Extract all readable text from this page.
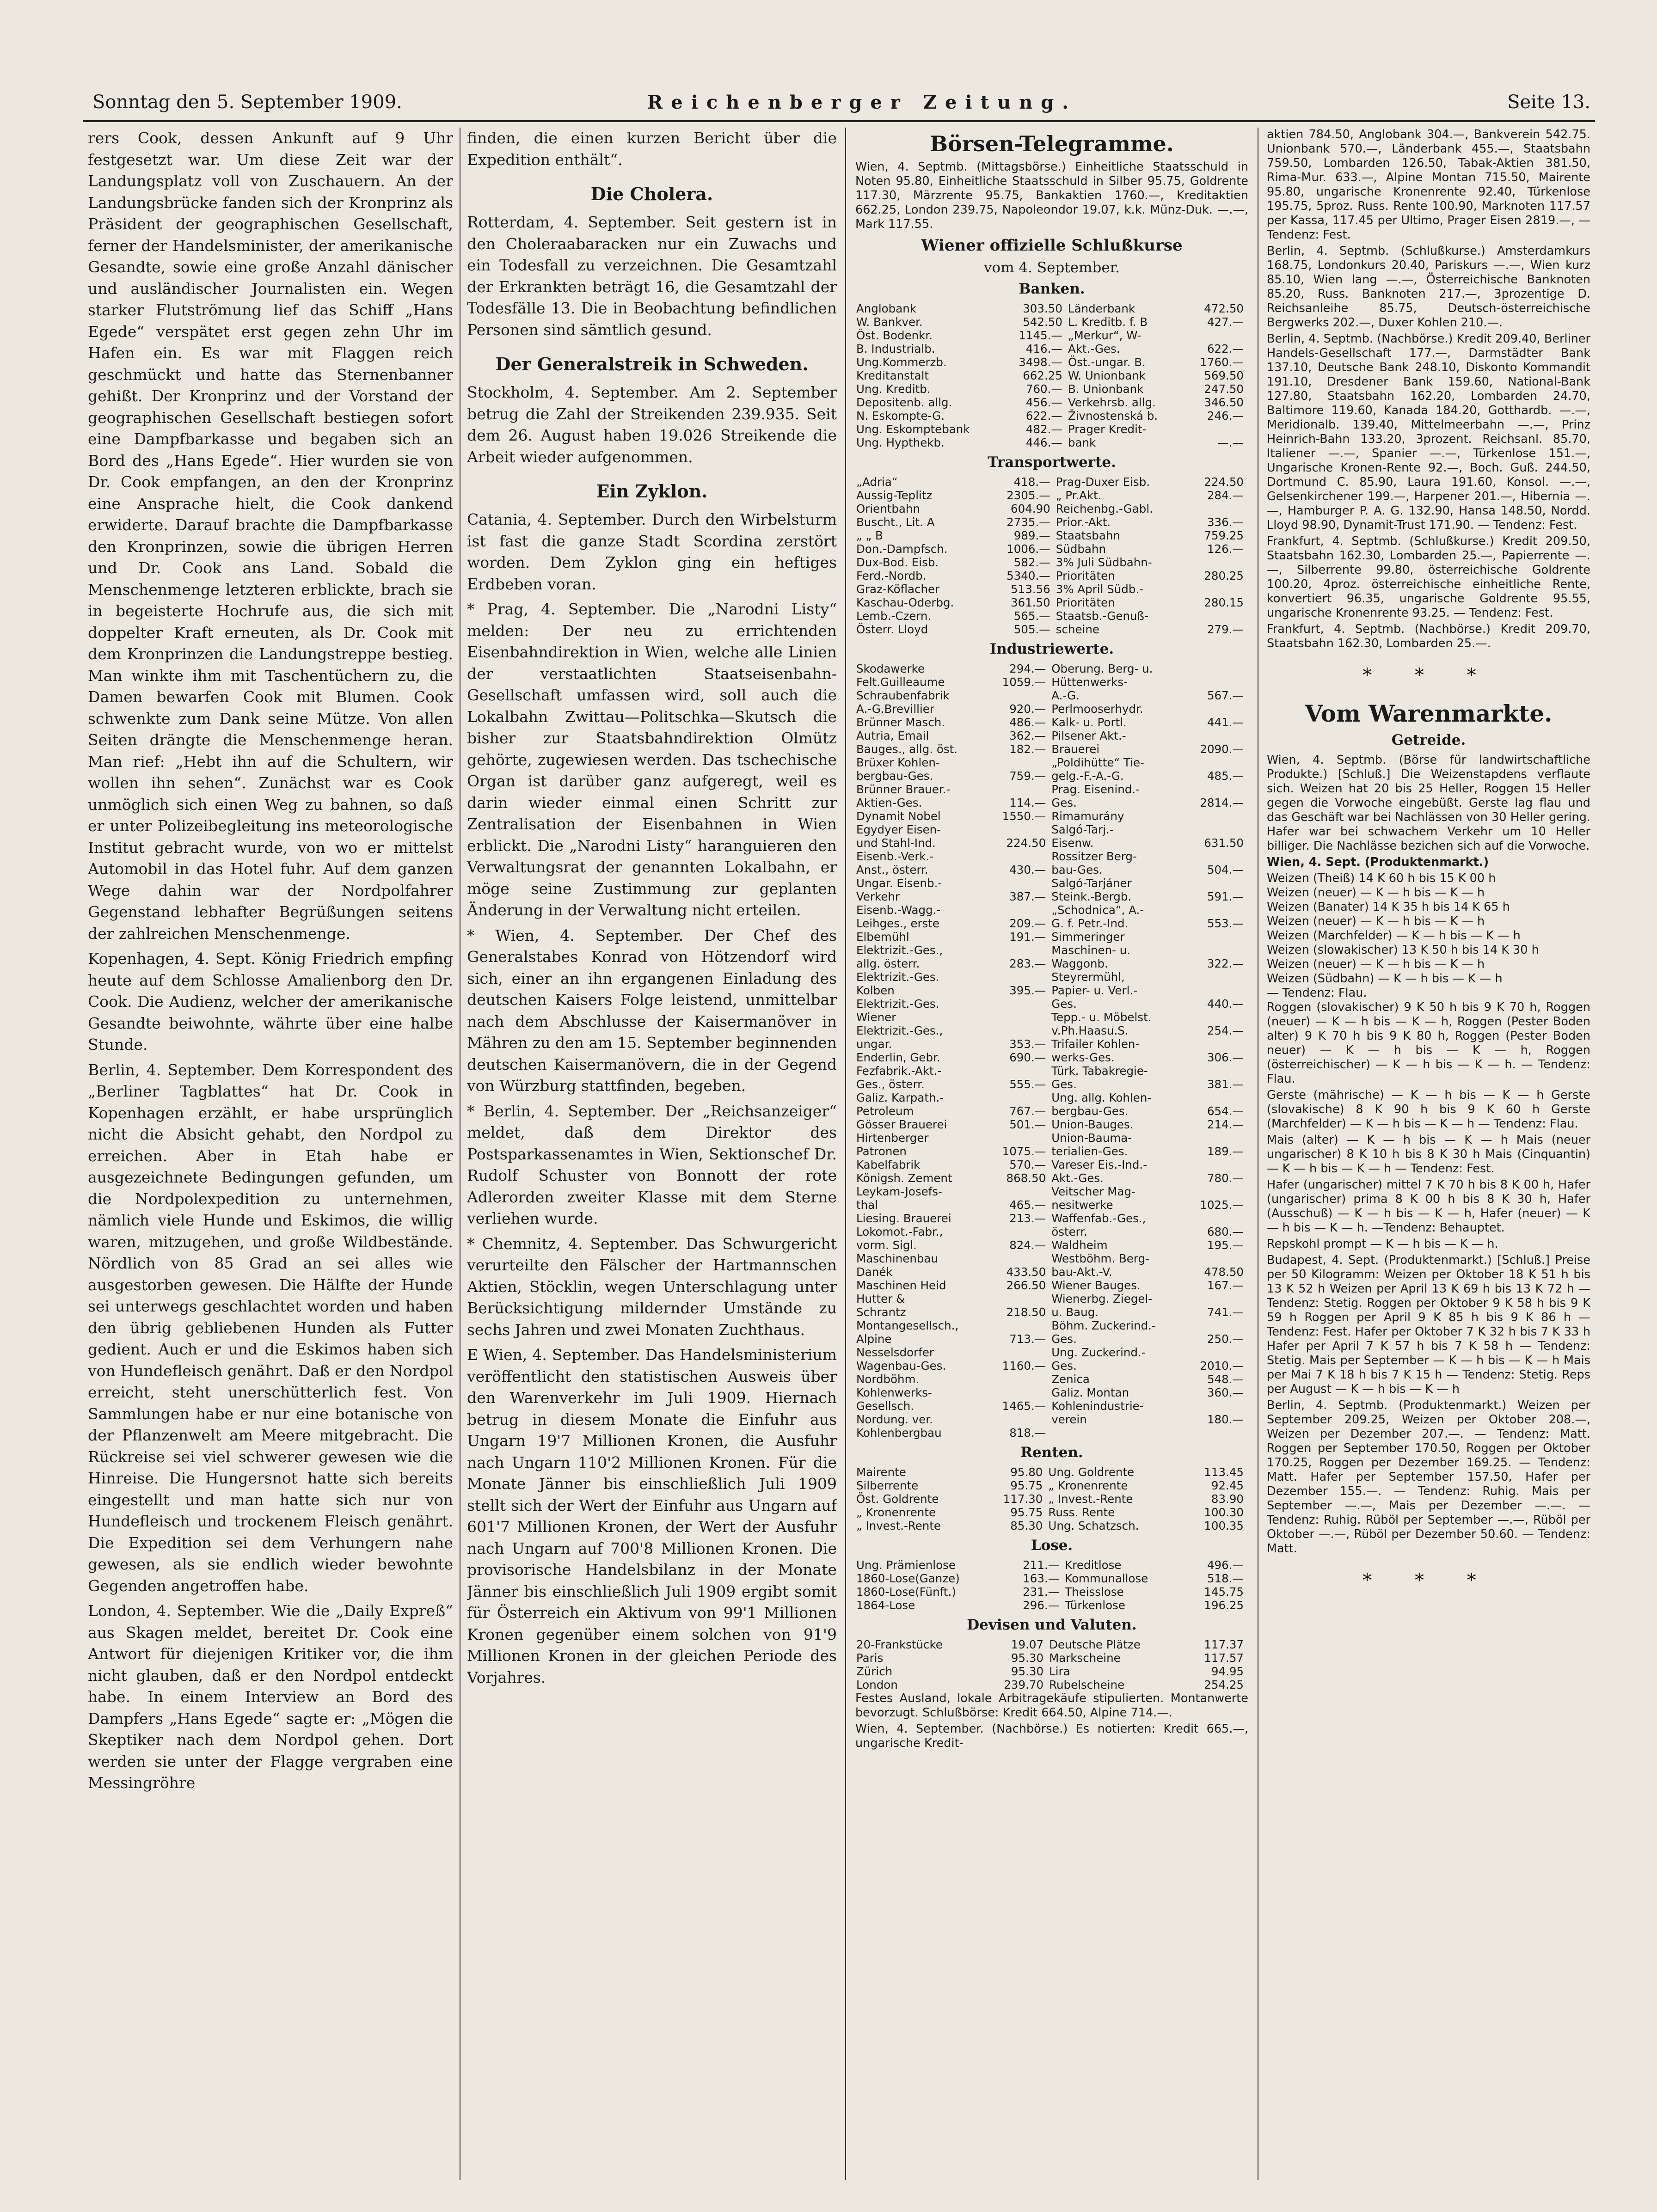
Sonntag den 5. September 1909.	Reichenberger Zeitung.	Seite 13.

rers Cook, dessen Ankunft auf 9 Uhr festgesetzt war. Um diese Zeit war der Landungsplatz voll von Zuschauern. An der Landungsbrücke fanden sich der Kronprinz als Präsident der geographischen Gesellschaft, ferner der Handelsminister, der amerikanische Gesandte, sowie eine große Anzahl dänischer und ausländischer Journalisten ein. Wegen starker Flutströmung lief das Schiff „Hans Egede“ verspätet erst gegen zehn Uhr im Hafen ein. Es war mit Flaggen reich geschmückt und hatte das Sternenbanner gehißt. Der Kronprinz und der Vorstand der geographischen Gesellschaft bestiegen sofort eine Dampfbarkasse und begaben sich an Bord des „Hans Egede“. Hier wurden sie von Dr. Cook empfangen, an den der Kronprinz eine Ansprache hielt, die Cook dankend erwiderte. Darauf brachte die Dampfbarkasse den Kronprinzen, sowie die übrigen Herren und Dr. Cook ans Land. Sobald die Menschenmenge letzteren erblickte, brach sie in begeisterte Hochrufe aus, die sich mit doppelter Kraft erneuten, als Dr. Cook mit dem Kronprinzen die Landungstreppe bestieg. Man winkte ihm mit Taschentüchern zu, die Damen bewarfen Cook mit Blumen. Cook schwenkte zum Dank seine Mütze. Von allen Seiten drängte die Menschenmenge heran. Man rief: „Hebt ihn auf die Schultern, wir wollen ihn sehen“. Zunächst war es Cook unmöglich sich einen Weg zu bahnen, so daß er unter Polizeibegleitung ins meteorologische Institut gebracht wurde, von wo er mittelst Automobil in das Hotel fuhr. Auf dem ganzen Wege dahin war der Nordpolfahrer Gegenstand lebhafter Begrüßungen seitens der zahlreichen Menschenmenge.

Kopenhagen, 4. Sept. König Friedrich empfing heute auf dem Schlosse Amalienborg den Dr. Cook. Die Audienz, welcher der amerikanische Gesandte beiwohnte, währte über eine halbe Stunde.

Berlin, 4. September. Dem Korrespondent des „Berliner Tagblattes“ hat Dr. Cook in Kopenhagen erzählt, er habe ursprünglich nicht die Absicht gehabt, den Nordpol zu erreichen. Aber in Etah habe er ausgezeichnete Bedingungen gefunden, um die Nordpolexpedition zu unternehmen, nämlich viele Hunde und Eskimos, die willig waren, mitzugehen, und große Wildbestände. Nördlich von 85 Grad an sei alles wie ausgestorben gewesen. Die Hälfte der Hunde sei unterwegs geschlachtet worden und haben den übrig gebliebenen Hunden als Futter gedient. Auch er und die Eskimos haben sich von Hundefleisch genährt. Daß er den Nordpol erreicht, steht unerschütterlich fest. Von Sammlungen habe er nur eine botanische von der Pflanzenwelt am Meere mitgebracht. Die Rückreise sei viel schwerer gewesen wie die Hinreise. Die Hungersnot hatte sich bereits eingestellt und man hatte sich nur von Hundefleisch und trockenem Fleisch genährt. Die Expedition sei dem Verhungern nahe gewesen, als sie endlich wieder bewohnte Gegenden angetroffen habe.

London, 4. September. Wie die „Daily Expreß“ aus Skagen meldet, bereitet Dr. Cook eine Antwort für diejenigen Kritiker vor, die ihm nicht glauben, daß er den Nordpol entdeckt habe. In einem Interview an Bord des Dampfers „Hans Egede“ sagte er: „Mögen die Skeptiker nach dem Nordpol gehen. Dort werden sie unter der Flagge vergraben eine Messingröhre

finden, die einen kurzen Bericht über die Expedition enthält“.

Die Cholera.

Rotterdam, 4. September. Seit gestern ist in den Choleraabaracken nur ein Zuwachs und ein Todesfall zu verzeichnen. Die Gesamtzahl der Erkrankten beträgt 16, die Gesamtzahl der Todesfälle 13. Die in Beobachtung befindlichen Personen sind sämtlich gesund.

Der Generalstreik in Schweden.

Stockholm, 4. September. Am 2. September betrug die Zahl der Streikenden 239.935. Seit dem 26. August haben 19.026 Streikende die Arbeit wieder aufgenommen.

Ein Zyklon.

Catania, 4. September. Durch den Wirbelsturm ist fast die ganze Stadt Scordina zerstört worden. Dem Zyklon ging ein heftiges Erdbeben voran.

* Prag, 4. September. Die „Narodni Listy“ melden: Der neu zu errichtenden Eisenbahndirektion in Wien, welche alle Linien der verstaatlichten Staatseisenbahn-Gesellschaft umfassen wird, soll auch die Lokalbahn Zwittau—Politschka—Skutsch die bisher zur Staatsbahndirektion Olmütz gehörte, zugewiesen werden. Das tschechische Organ ist darüber ganz aufgeregt, weil es darin wieder einmal einen Schritt zur Zentralisation der Eisenbahnen in Wien erblickt. Die „Narodni Listy“ haranguieren den Verwaltungsrat der genannten Lokalbahn, er möge seine Zustimmung zur geplanten Änderung in der Verwaltung nicht erteilen.

* Wien, 4. September. Der Chef des Generalstabes Konrad von Hötzendorf wird sich, einer an ihn ergangenen Einladung des deutschen Kaisers Folge leistend, unmittelbar nach dem Abschlusse der Kaisermanöver in Mähren zu den am 15. September beginnenden deutschen Kaisermanövern, die in der Gegend von Würzburg stattfinden, begeben.

* Berlin, 4. September. Der „Reichsanzeiger“ meldet, daß dem Direktor des Postsparkassenamtes in Wien, Sektionschef Dr. Rudolf Schuster von Bonnott der rote Adlerorden zweiter Klasse mit dem Sterne verliehen wurde.

* Chemnitz, 4. September. Das Schwurgericht verurteilte den Fälscher der Hartmannschen Aktien, Stöcklin, wegen Unterschlagung unter Berücksichtigung mildernder Umstände zu sechs Jahren und zwei Monaten Zuchthaus.

E Wien, 4. September. Das Handelsministerium veröffentlicht den statistischen Ausweis über den Warenverkehr im Juli 1909. Hiernach betrug in diesem Monate die Einfuhr aus Ungarn 19'7 Millionen Kronen, die Ausfuhr nach Ungarn 110'2 Millionen Kronen. Für die Monate Jänner bis einschließlich Juli 1909 stellt sich der Wert der Einfuhr aus Ungarn auf 601'7 Millionen Kronen, der Wert der Ausfuhr nach Ungarn auf 700'8 Millionen Kronen. Die provisorische Handelsbilanz in der Monate Jänner bis einschließlich Juli 1909 ergibt somit für Österreich ein Aktivum von 99'1 Millionen Kronen gegenüber einem solchen von 91'9 Millionen Kronen in der gleichen Periode des Vorjahres.

Börsen-Telegramme.

Wien, 4. Septmb. (Mittagsbörse.) Einheitliche Staatsschuld in Noten 95.80, Einheitliche Staatsschuld in Silber 95.75, Goldrente 117.30, Märzrente 95.75, Bankaktien 1760.—, Kreditaktien 662.25, London 239.75, Napoleondor 19.07, k.k. Münz-Duk. —.—, Mark 117.55.

Wiener offizielle Schlußkurse
vom 4. September.
Banken.
Anglobank	303.50	Länderbank	472.50
W. Bankver.	542.50	L. Kreditb. f. B	427.—
Öst. Bodenkr.	1145.—	„Merkur“, W-	
B. Industrialb.	416.—	Akt.-Ges.	622.—
Ung.Kommerzb.	3498.—	Öst.-ungar. B.	1760.—
Kreditanstalt	662.25	W. Unionbank	569.50
Ung. Kreditb.	760.—	B. Unionbank	247.50
Depositenb. allg.	456.—	Verkehrsb. allg.	346.50
N. Eskompte-G.	622.—	Živnostenská b.	246.—
Ung. Eskomptebank	482.—	Prager Kredit-	
Ung. Hypthekb.	446.—	bank	—.—
Transportwerte.
„Adria“	418.—	Prag-Duxer Eisb.	224.50
Aussig-Teplitz	2305.—	„ Pr.Akt.	284.—
Orientbahn	604.90	Reichenbg.-Gabl.	
Buscht., Lit. A	2735.—	Prior.-Akt.	336.—
„ „ B	989.—	Staatsbahn	759.25
Don.-Dampfsch.	1006.—	Südbahn	126.—
Dux-Bod. Eisb.	582.—	3% Juli Südbahn-	
Ferd.-Nordb.	5340.—	Prioritäten	280.25
Graz-Köflacher	513.56	3% April Südb.-	
Kaschau-Oderbg.	361.50	Prioritäten	280.15
Lemb.-Czern.	565.—	Staatsb.-Genuß-	
Österr. Lloyd	505.—	scheine	279.—
Industriewerte.
Skodawerke	294.—	Oberung. Berg- u.	
Felt.Guilleaume	1059.—	Hüttenwerks-	
Schraubenfabrik		A.-G.	567.—
A.-G.Brevillier	920.—	Perlmooserhydr.	
Brünner Masch.	486.—	Kalk- u. Portl.	441.—
Autria, Email	362.—	Pilsener Akt.-	
Bauges., allg. öst.	182.—	Brauerei	2090.—
Brüxer Kohlen-		„Poldihütte“ Tie-	
bergbau-Ges.	759.—	gelg.-F.-A.-G.	485.—
Brünner Brauer.-		Prag. Eisenind.-	
Aktien-Ges.	114.—	Ges.	2814.—
Dynamit Nobel	1550.—	Rimamurány	
Egydyer Eisen-		Salgó-Tarj.-	
und Stahl-Ind.	224.50	Eisenw.	631.50
Eisenb.-Verk.-		Rossitzer Berg-	
Anst., österr.	430.—	bau-Ges.	504.—
Ungar. Eisenb.-		Salgó-Tarjáner	
Verkehr	387.—	Steink.-Bergb.	591.—
Eisenb.-Wagg.-		„Schodnica“, A.-	
Leihges., erste	209.—	G. f. Petr.-Ind.	553.—
Elbemühl	191.—	Simmeringer	
Elektrizit.-Ges.,		Maschinen- u.	
allg. österr.	283.—	Waggonb.	322.—
Elektrizit.-Ges.		Steyrermühl,	
Kolben	395.—	Papier- u. Verl.-	
Elektrizit.-Ges.		Ges.	440.—
Wiener		Tepp.- u. Möbelst.	
Elektrizit.-Ges.,		v.Ph.Haasu.S.	254.—
ungar.	353.—	Trifailer Kohlen-	
Enderlin, Gebr.	690.—	werks-Ges.	306.—
Fezfabrik.-Akt.-		Türk. Tabakregie-	
Ges., österr.	555.—	Ges.	381.—
Galiz. Karpath.-		Ung. allg. Kohlen-	
Petroleum	767.—	bergbau-Ges.	654.—
Gösser Brauerei	501.—	Union-Bauges.	214.—
Hirtenberger		Union-Bauma-	
Patronen	1075.—	terialien-Ges.	189.—
Kabelfabrik	570.—	Vareser Eis.-Ind.-	
Königsh. Zement	868.50	Akt.-Ges.	780.—
Leykam-Josefs-		Veitscher Mag-	
thal	465.—	nesitwerke	1025.—
Liesing. Brauerei	213.—	Waffenfab.-Ges.,	
Lokomot.-Fabr.,		österr.	680.—
vorm. Sigl.	824.—	Waldheim	195.—
Maschinenbau		Westböhm. Berg-	
Danék	433.50	bau-Akt.-V.	478.50
Maschinen Heid	266.50	Wiener Bauges.	167.—
Hutter &		Wienerbg. Ziegel-	
Schrantz	218.50	u. Baug.	741.—
Montangesellsch.,		Böhm. Zuckerind.-	
Alpine	713.—	Ges.	250.—
Nesselsdorfer		Ung. Zuckerind.-	
Wagenbau-Ges.	1160.—	Ges.	2010.—
Nordböhm.		Zenica	548.—
Kohlenwerks-		Galiz. Montan	360.—
Gesellsch.	1465.—	Kohlenindustrie-	
Nordung. ver.		verein	180.—
Kohlenbergbau	818.—		
Renten.
Mairente	95.80	Ung. Goldrente	113.45
Silberrente	95.75	„ Kronenrente	92.45
Öst. Goldrente	117.30	„ Invest.-Rente	83.90
„ Kronenrente	95.75	Russ. Rente	100.30
„ Invest.-Rente	85.30	Ung. Schatzsch.	100.35
Lose.
Ung. Prämienlose	211.—	Kreditlose	496.—
1860-Lose(Ganze)	163.—	Kommunallose	518.—
1860-Lose(Fünft.)	231.—	Theisslose	145.75
1864-Lose	296.—	Türkenlose	196.25
Devisen und Valuten.
20-Frankstücke	19.07	Deutsche Plätze	117.37
Paris	95.30	Markscheine	117.57
Zürich	95.30	Lira	94.95
London	239.70	Rubelscheine	254.25

Festes Ausland, lokale Arbitragekäufe stipulierten. Montanwerte bevorzugt. Schlußbörse: Kredit 664.50, Alpine 714.—.

Wien, 4. September. (Nachbörse.) Es notierten: Kredit 665.—, ungarische Kredit-

aktien 784.50, Anglobank 304.—, Bankverein 542.75. Unionbank 570.—, Länderbank 455.—, Staatsbahn 759.50, Lombarden 126.50, Tabak-Aktien 381.50, Rima-Mur. 633.—, Alpine Montan 715.50, Mairente 95.80, ungarische Kronenrente 92.40, Türkenlose 195.75, 5proz. Russ. Rente 100.90, Marknoten 117.57 per Kassa, 117.45 per Ultimo, Prager Eisen 2819.—, — Tendenz: Fest.

Berlin, 4. Septmb. (Schlußkurse.) Amsterdamkurs 168.75, Londonkurs 20.40, Pariskurs —.—, Wien kurz 85.10, Wien lang —.—, Österreichische Banknoten 85.20, Russ. Banknoten 217.—, 3prozentige D. Reichsanleihe 85.75, Deutsch-österreichische Bergwerks 202.—, Duxer Kohlen 210.—.

Berlin, 4. Septmb. (Nachbörse.) Kredit 209.40, Berliner Handels-Gesellschaft 177.—, Darmstädter Bank 137.10, Deutsche Bank 248.10, Diskonto Kommandit 191.10, Dresdener Bank 159.60, National-Bank 127.80, Staatsbahn 162.20, Lombarden 24.70, Baltimore 119.60, Kanada 184.20, Gotthardb. —.—, Meridionalb. 139.40, Mittelmeerbahn —.—, Prinz Heinrich-Bahn 133.20, 3prozent. Reichsanl. 85.70, Italiener —.—, Spanier —.—, Türkenlose 151.—, Ungarische Kronen-Rente 92.—, Boch. Guß. 244.50, Dortmund C. 85.90, Laura 191.60, Konsol. —.—, Gelsenkirchener 199.—, Harpener 201.—, Hibernia —.—, Hamburger P. A. G. 132.90, Hansa 148.50, Nordd. Lloyd 98.90, Dynamit-Trust 171.90. — Tendenz: Fest.

Frankfurt, 4. Septmb. (Schlußkurse.) Kredit 209.50, Staatsbahn 162.30, Lombarden 25.—, Papierrente —.—, Silberrente 99.80, österreichische Goldrente 100.20, 4proz. österreichische einheitliche Rente, konvertiert 96.35, ungarische Goldrente 95.55, ungarische Kronenrente 93.25. — Tendenz: Fest.

Frankfurt, 4. Septmb. (Nachbörse.) Kredit 209.70, Staatsbahn 162.30, Lombarden 25.—.

* * *
Vom Warenmarkte.
Getreide.

Wien, 4. Septmb. (Börse für landwirtschaftliche Produkte.) [Schluß.] Die Weizenstapdens verflaute sich. Weizen hat 20 bis 25 Heller, Roggen 15 Heller gegen die Vorwoche eingebüßt. Gerste lag flau und das Geschäft war bei Nachlässen von 30 Heller gering. Hafer war bei schwachem Verkehr um 10 Heller billiger. Die Nachlässe bezichen sich auf die Vorwoche.

Wien, 4. Sept. (Produktenmarkt.)

Weizen (Theiß) 14 K 60 h bis 15 K 00 h

Weizen (neuer) — K — h bis — K — h

Weizen (Banater) 14 K 35 h bis 14 K 65 h

Weizen (neuer) — K — h bis — K — h

Weizen (Marchfelder) — K — h bis — K — h

Weizen (slowakischer) 13 K 50 h bis 14 K 30 h

Weizen (neuer) — K — h bis — K — h

Weizen (Südbahn) — K — h bis — K — h

— Tendenz: Flau.

Roggen (slovakischer) 9 K 50 h bis 9 K 70 h, Roggen (neuer) — K — h bis — K — h, Roggen (Pester Boden alter) 9 K 70 h bis 9 K 80 h, Roggen (Pester Boden neuer) — K — h bis — K — h, Roggen (österreichischer) — K — h bis — K — h. — Tendenz: Flau.

Gerste (mährische) — K — h bis — K — h Gerste (slovakische) 8 K 90 h bis 9 K 60 h Gerste (Marchfelder) — K — h bis — K — h — Tendenz: Flau.

Mais (alter) — K — h bis — K — h Mais (neuer ungarischer) 8 K 10 h bis 8 K 30 h Mais (Cinquantin) — K — h bis — K — h — Tendenz: Fest.

Hafer (ungarischer) mittel 7 K 70 h bis 8 K 00 h, Hafer (ungarischer) prima 8 K 00 h bis 8 K 30 h, Hafer (Ausschuß) — K — h bis — K — h, Hafer (neuer) — K — h bis — K — h. —Tendenz: Behauptet.

Repskohl prompt — K — h bis — K — h.

Budapest, 4. Sept. (Produktenmarkt.) [Schluß.] Preise per 50 Kilogramm: Weizen per Oktober 18 K 51 h bis 13 K 52 h Weizen per April 13 K 69 h bis 13 K 72 h — Tendenz: Stetig. Roggen per Oktober 9 K 58 h bis 9 K 59 h Roggen per April 9 K 85 h bis 9 K 86 h — Tendenz: Fest. Hafer per Oktober 7 K 32 h bis 7 K 33 h Hafer per April 7 K 57 h bis 7 K 58 h — Tendenz: Stetig. Mais per September — K — h bis — K — h Mais per Mai 7 K 18 h bis 7 K 15 h — Tendenz: Stetig. Reps per August — K — h bis — K — h

Berlin, 4. Septmb. (Produktenmarkt.) Weizen per September 209.25, Weizen per Oktober 208.—, Weizen per Dezember 207.—. — Tendenz: Matt. Roggen per September 170.50, Roggen per Oktober 170.25, Roggen per Dezember 169.25. — Tendenz: Matt. Hafer per September 157.50, Hafer per Dezember 155.—. — Tendenz: Ruhig. Mais per September —.—, Mais per Dezember —.—. — Tendenz: Ruhig. Rüböl per September —.—, Rüböl per Oktober —.—, Rüböl per Dezember 50.60. — Tendenz: Matt.

* * *
